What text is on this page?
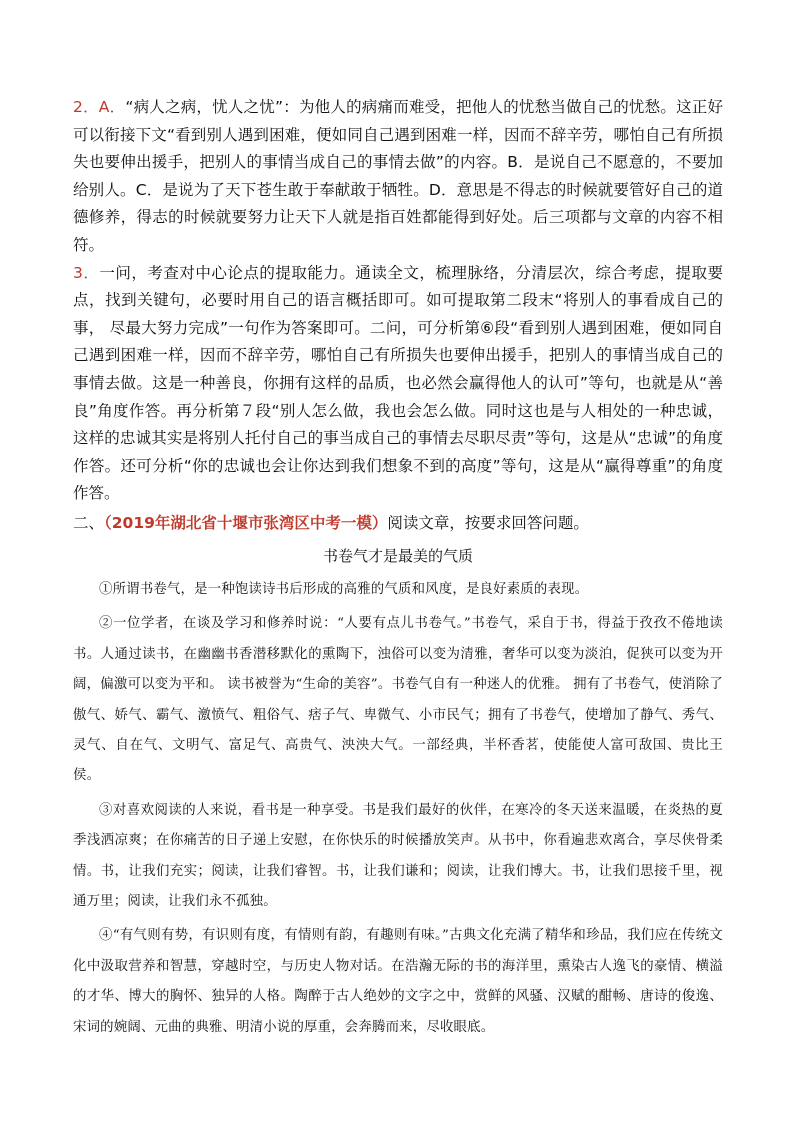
2．A．“病人之病，忧人之忧”：为他人的病痛而难受，把他人的忧愁当做自己的忧愁。这正好可以衔接下文“看到别人遇到困难，便如同自己遇到困难一样，因而不辞辛劳，哪怕自己有所损失也要伸出援手，把别人的事情当成自己的事情去做”的内容。B．是说自己不愿意的，不要加给别人。C．是说为了天下苍生敢于奉献敢于牺牲。D．意思是不得志的时候就要管好自己的道德修养，得志的时候就要努力让天下人就是指百姓都能得到好处。后三项都与文章的内容不相符。

3．一问，考查对中心论点的提取能力。通读全文，梳理脉络，分清层次，综合考虑，提取要点，找到关键句，必要时用自己的语言概括即可。如可提取第二段末“将别人的事看成自己的事， 尽最大努力完成”一句作为答案即可。二问，可分析第⑥段“看到别人遇到困难，便如同自己遇到困难一样，因而不辞辛劳，哪怕自己有所损失也要伸出援手，把别人的事情当成自己的事情去做。这是一种善良，你拥有这样的品质，也必然会赢得他人的认可”等句，也就是从“善良”角度作答。再分析第７段“别人怎么做，我也会怎么做。同时这也是与人相处的一种忠诚，这样的忠诚其实是将别人托付自己的事当成自己的事情去尽职尽责”等句，这是从“忠诚”的角度作答。还可分析“你的忠诚也会让你达到我们想象不到的高度”等句，这是从“赢得尊重”的角度作答。

二、（2019年湖北省十堰市张湾区中考一模）阅读文章，按要求回答问题。

书卷气才是最美的气质

①所谓书卷气，是一种饱读诗书后形成的高雅的气质和风度，是良好素质的表现。

②一位学者，在谈及学习和修养时说：“人要有点儿书卷气。”书卷气，采自于书，得益于孜孜不倦地读书。人通过读书，在幽幽书香潜移默化的熏陶下，浊俗可以变为清雅，奢华可以变为淡泊，促狭可以变为开阔，偏激可以变为平和。 读书被誉为“生命的美容”。书卷气自有一种迷人的优雅。 拥有了书卷气，使消除了傲气、娇气、霸气、激愤气、粗俗气、痞子气、卑微气、小市民气；拥有了书卷气，使增加了静气、秀气、灵气、自在气、文明气、富足气、高贵气、泱泱大气。一部经典，半杯香茗，使能使人富可敌国、贵比王侯。

③对喜欢阅读的人来说，看书是一种享受。书是我们最好的伙伴，在寒冷的冬天送来温暖，在炎热的夏季浅洒凉爽；在你痛苦的日子递上安慰，在你快乐的时候播放笑声。从书中，你看遍悲欢离合，享尽侠骨柔情。书，让我们充实；阅读，让我们睿智。书，让我们谦和；阅读，让我们博大。书，让我们思接千里，视通万里；阅读，让我们永不孤独。

④“有气则有势，有识则有度，有情则有韵，有趣则有味。”古典文化充满了精华和珍品，我们应在传统文化中汲取营养和智慧，穿越时空，与历史人物对话。在浩瀚无际的书的海洋里，熏染古人逸飞的豪情、横溢的才华、博大的胸怀、独异的人格。陶醉于古人绝妙的文字之中，赏鲜的风骚、汉赋的酣畅、唐诗的俊逸、宋词的婉阔、元曲的典雅、明清小说的厚重，会奔腾而来，尽收眼底。
